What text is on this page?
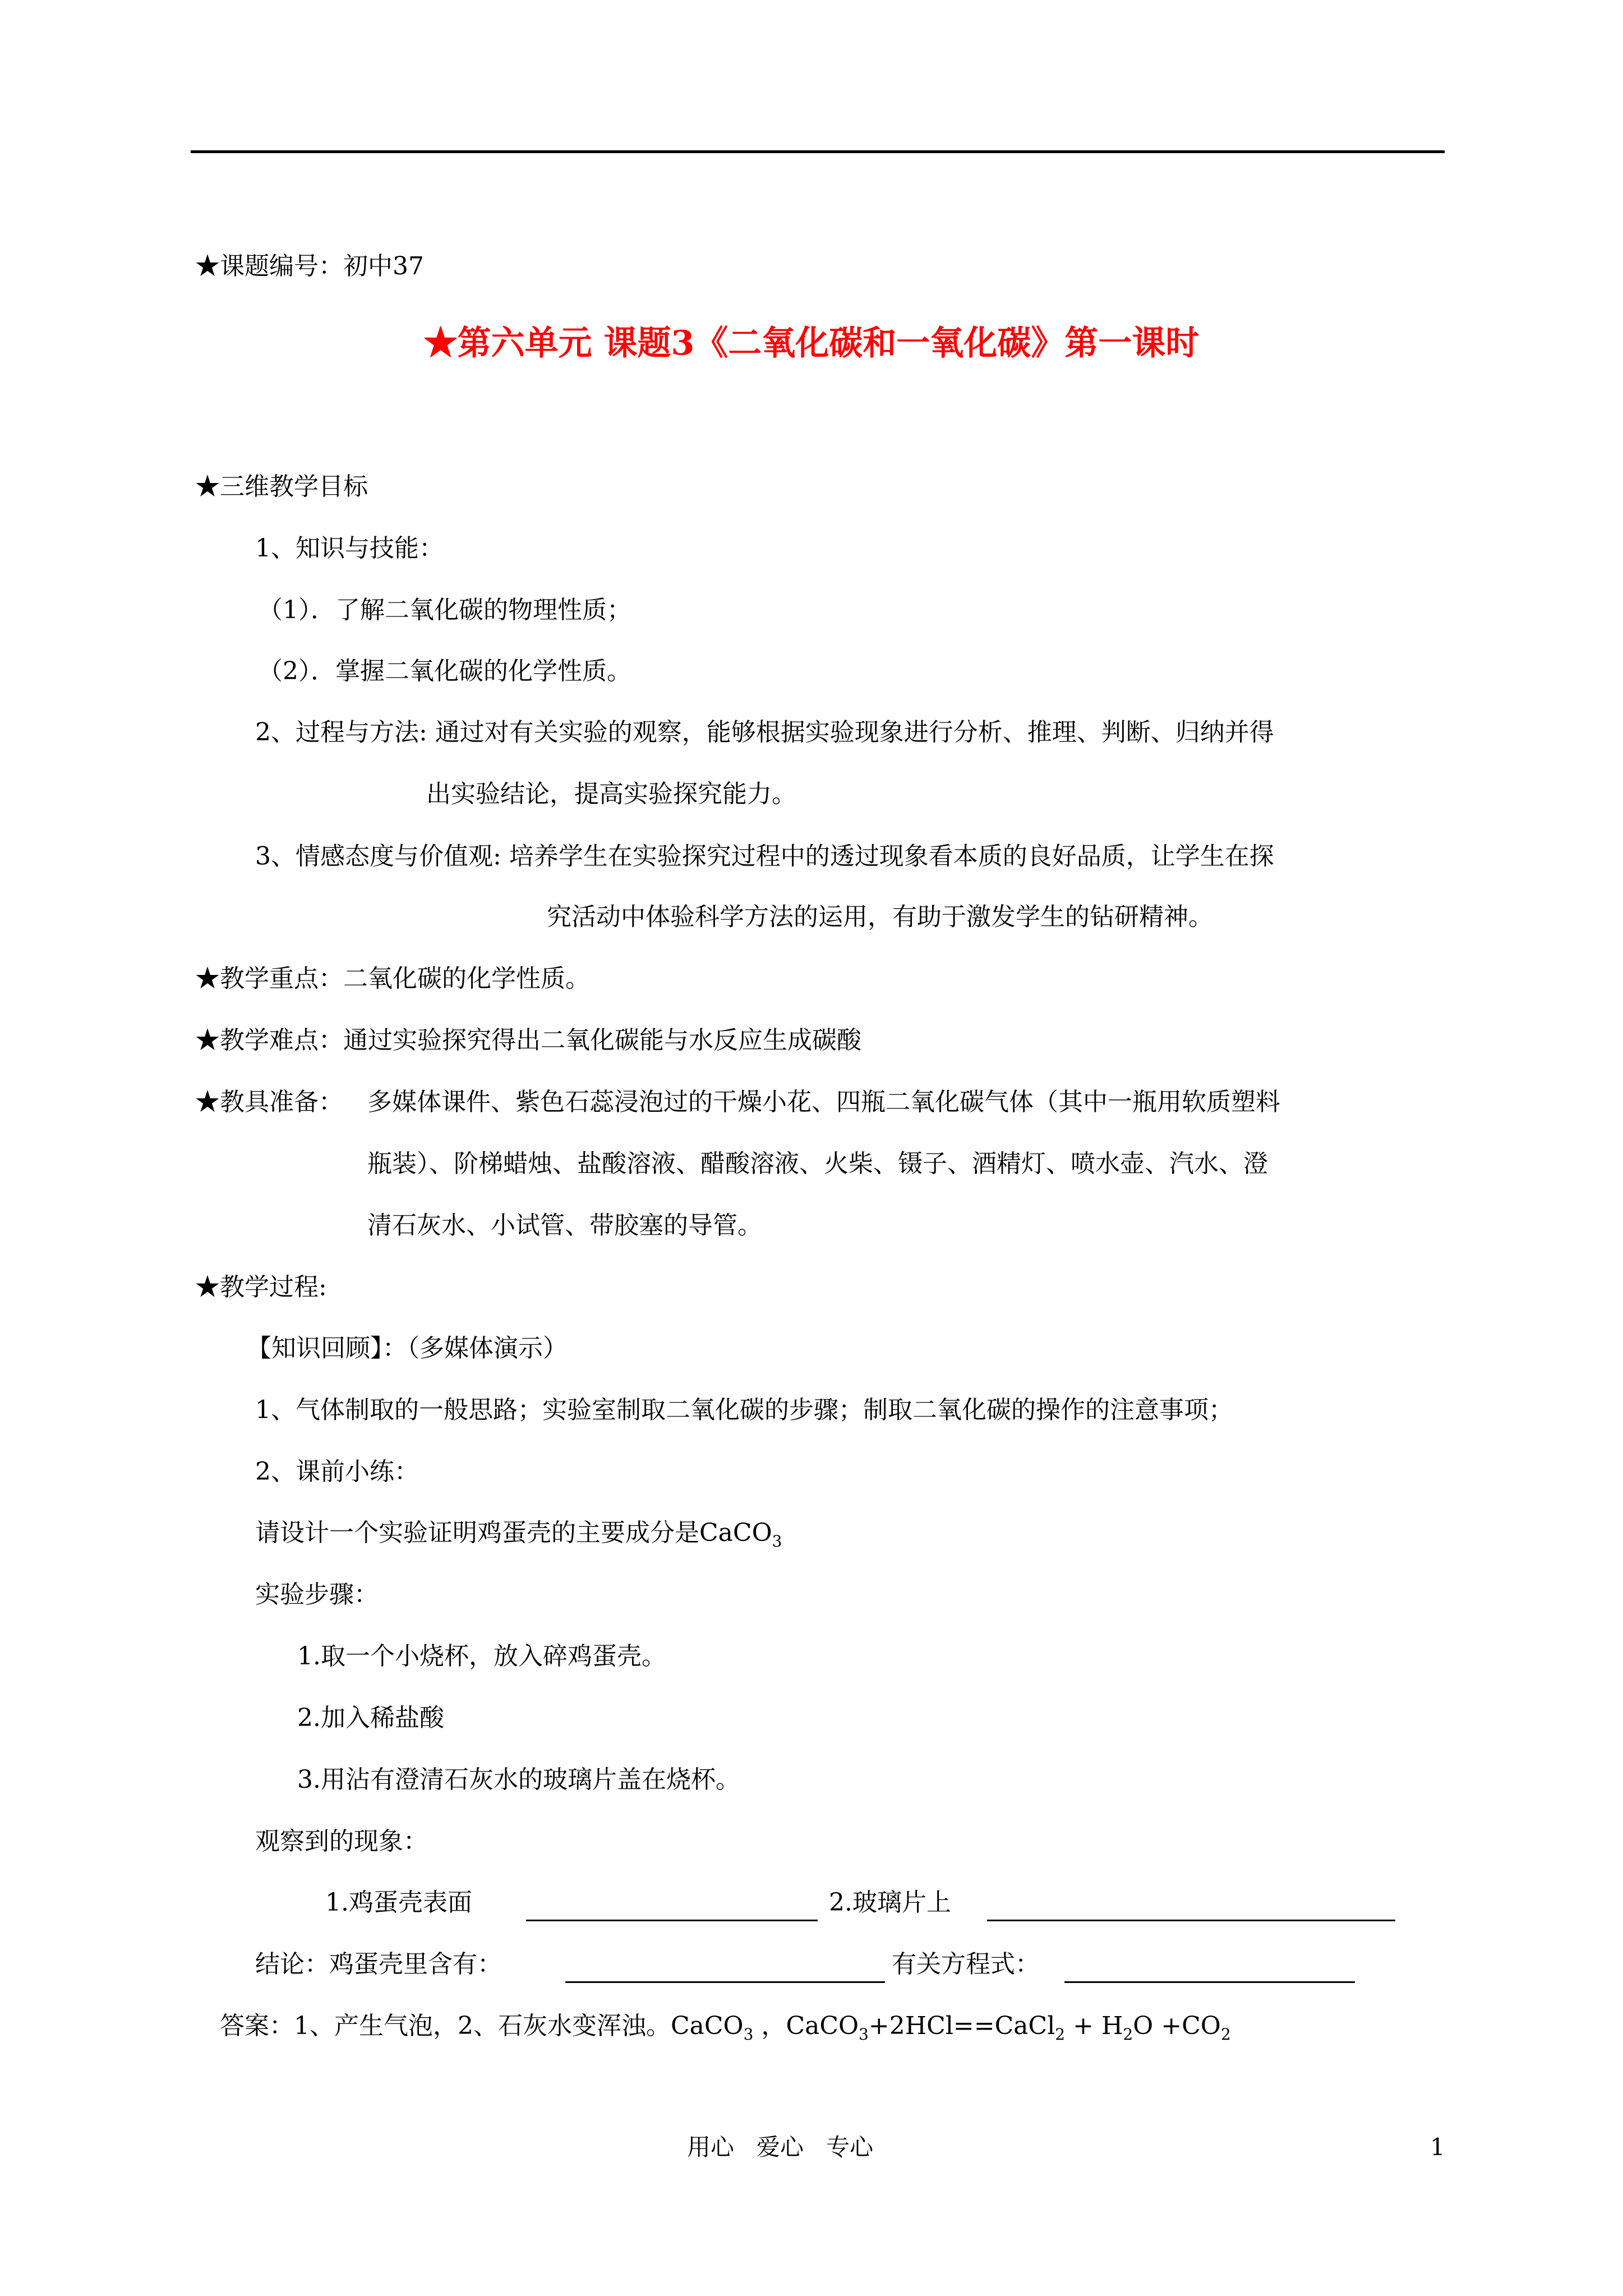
★课题编号：初中37
★第六单元 课题3《二氧化碳和一氧化碳》第一课时
★三维教学目标
1、知识与技能：
（1）．了解二氧化碳的物理性质；
（2）．掌握二氧化碳的化学性质。
2、过程与方法: 通过对有关实验的观察，能够根据实验现象进行分析、推理、判断、归纳并得
出实验结论，提高实验探究能力。
3、情感态度与价值观: 培养学生在实验探究过程中的透过现象看本质的良好品质，让学生在探
究活动中体验科学方法的运用，有助于激发学生的钻研精神。
★教学重点：二氧化碳的化学性质。
★教学难点：通过实验探究得出二氧化碳能与水反应生成碳酸
★教具准备： 多媒体课件、紫色石蕊浸泡过的干燥小花、四瓶二氧化碳气体（其中一瓶用软质塑料
瓶装）、阶梯蜡烛、盐酸溶液、醋酸溶液、火柴、镊子、酒精灯、喷水壶、汽水、澄
清石灰水、小试管、带胶塞的导管。
★教学过程:
【知识回顾】：（多媒体演示）
1、气体制取的一般思路；实验室制取二氧化碳的步骤；制取二氧化碳的操作的注意事项；
2、课前小练：
请设计一个实验证明鸡蛋壳的主要成分是CaCO$_3$
实验步骤：
1.取一个小烧杯，放入碎鸡蛋壳。
2.加入稀盐酸
3.用沾有澄清石灰水的玻璃片盖在烧杯。
观察到的现象：
1.鸡蛋壳表面	2.玻璃片上
结论：鸡蛋壳里含有：	有关方程式：
答案：1、产生气泡，2、石灰水变浑浊。CaCO$_3$ ，CaCO$_3$+2HCl==CaCl$_2$ + $H_2O +CO_2$
用心   爱心   专心	1
